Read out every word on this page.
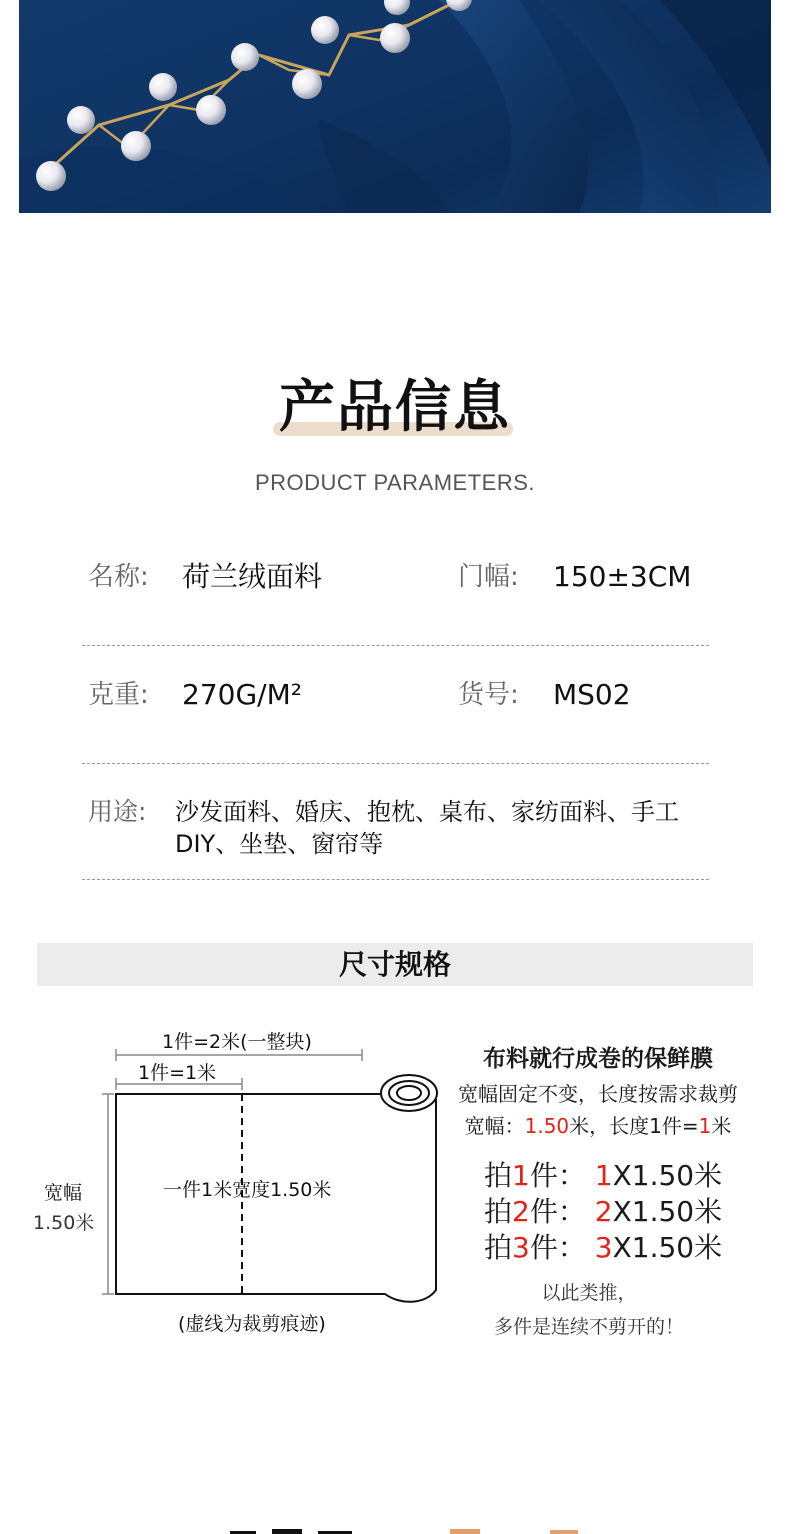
产品信息
PRODUCT PARAMETERS.
名称: 荷兰绒面料	门幅: 150±3CM
克重: 270G/M²	货号: MS02
用途: 沙发面料、婚庆、抱枕、桌布、家纺面料、手工DIY、坐垫、窗帘等
尺寸规格
1件=2米(一整块)
1件=1米
宽幅
1.50米
一件1米宽度1.50米
(虚线为裁剪痕迹)
布料就行成卷的保鲜膜
宽幅固定不变，长度按需求裁剪
宽幅：1.50米，长度1件=1米
拍1件： 1X1.50米
拍2件： 2X1.50米
拍3件： 3X1.50米
以此类推，
多件是连续不剪开的！
